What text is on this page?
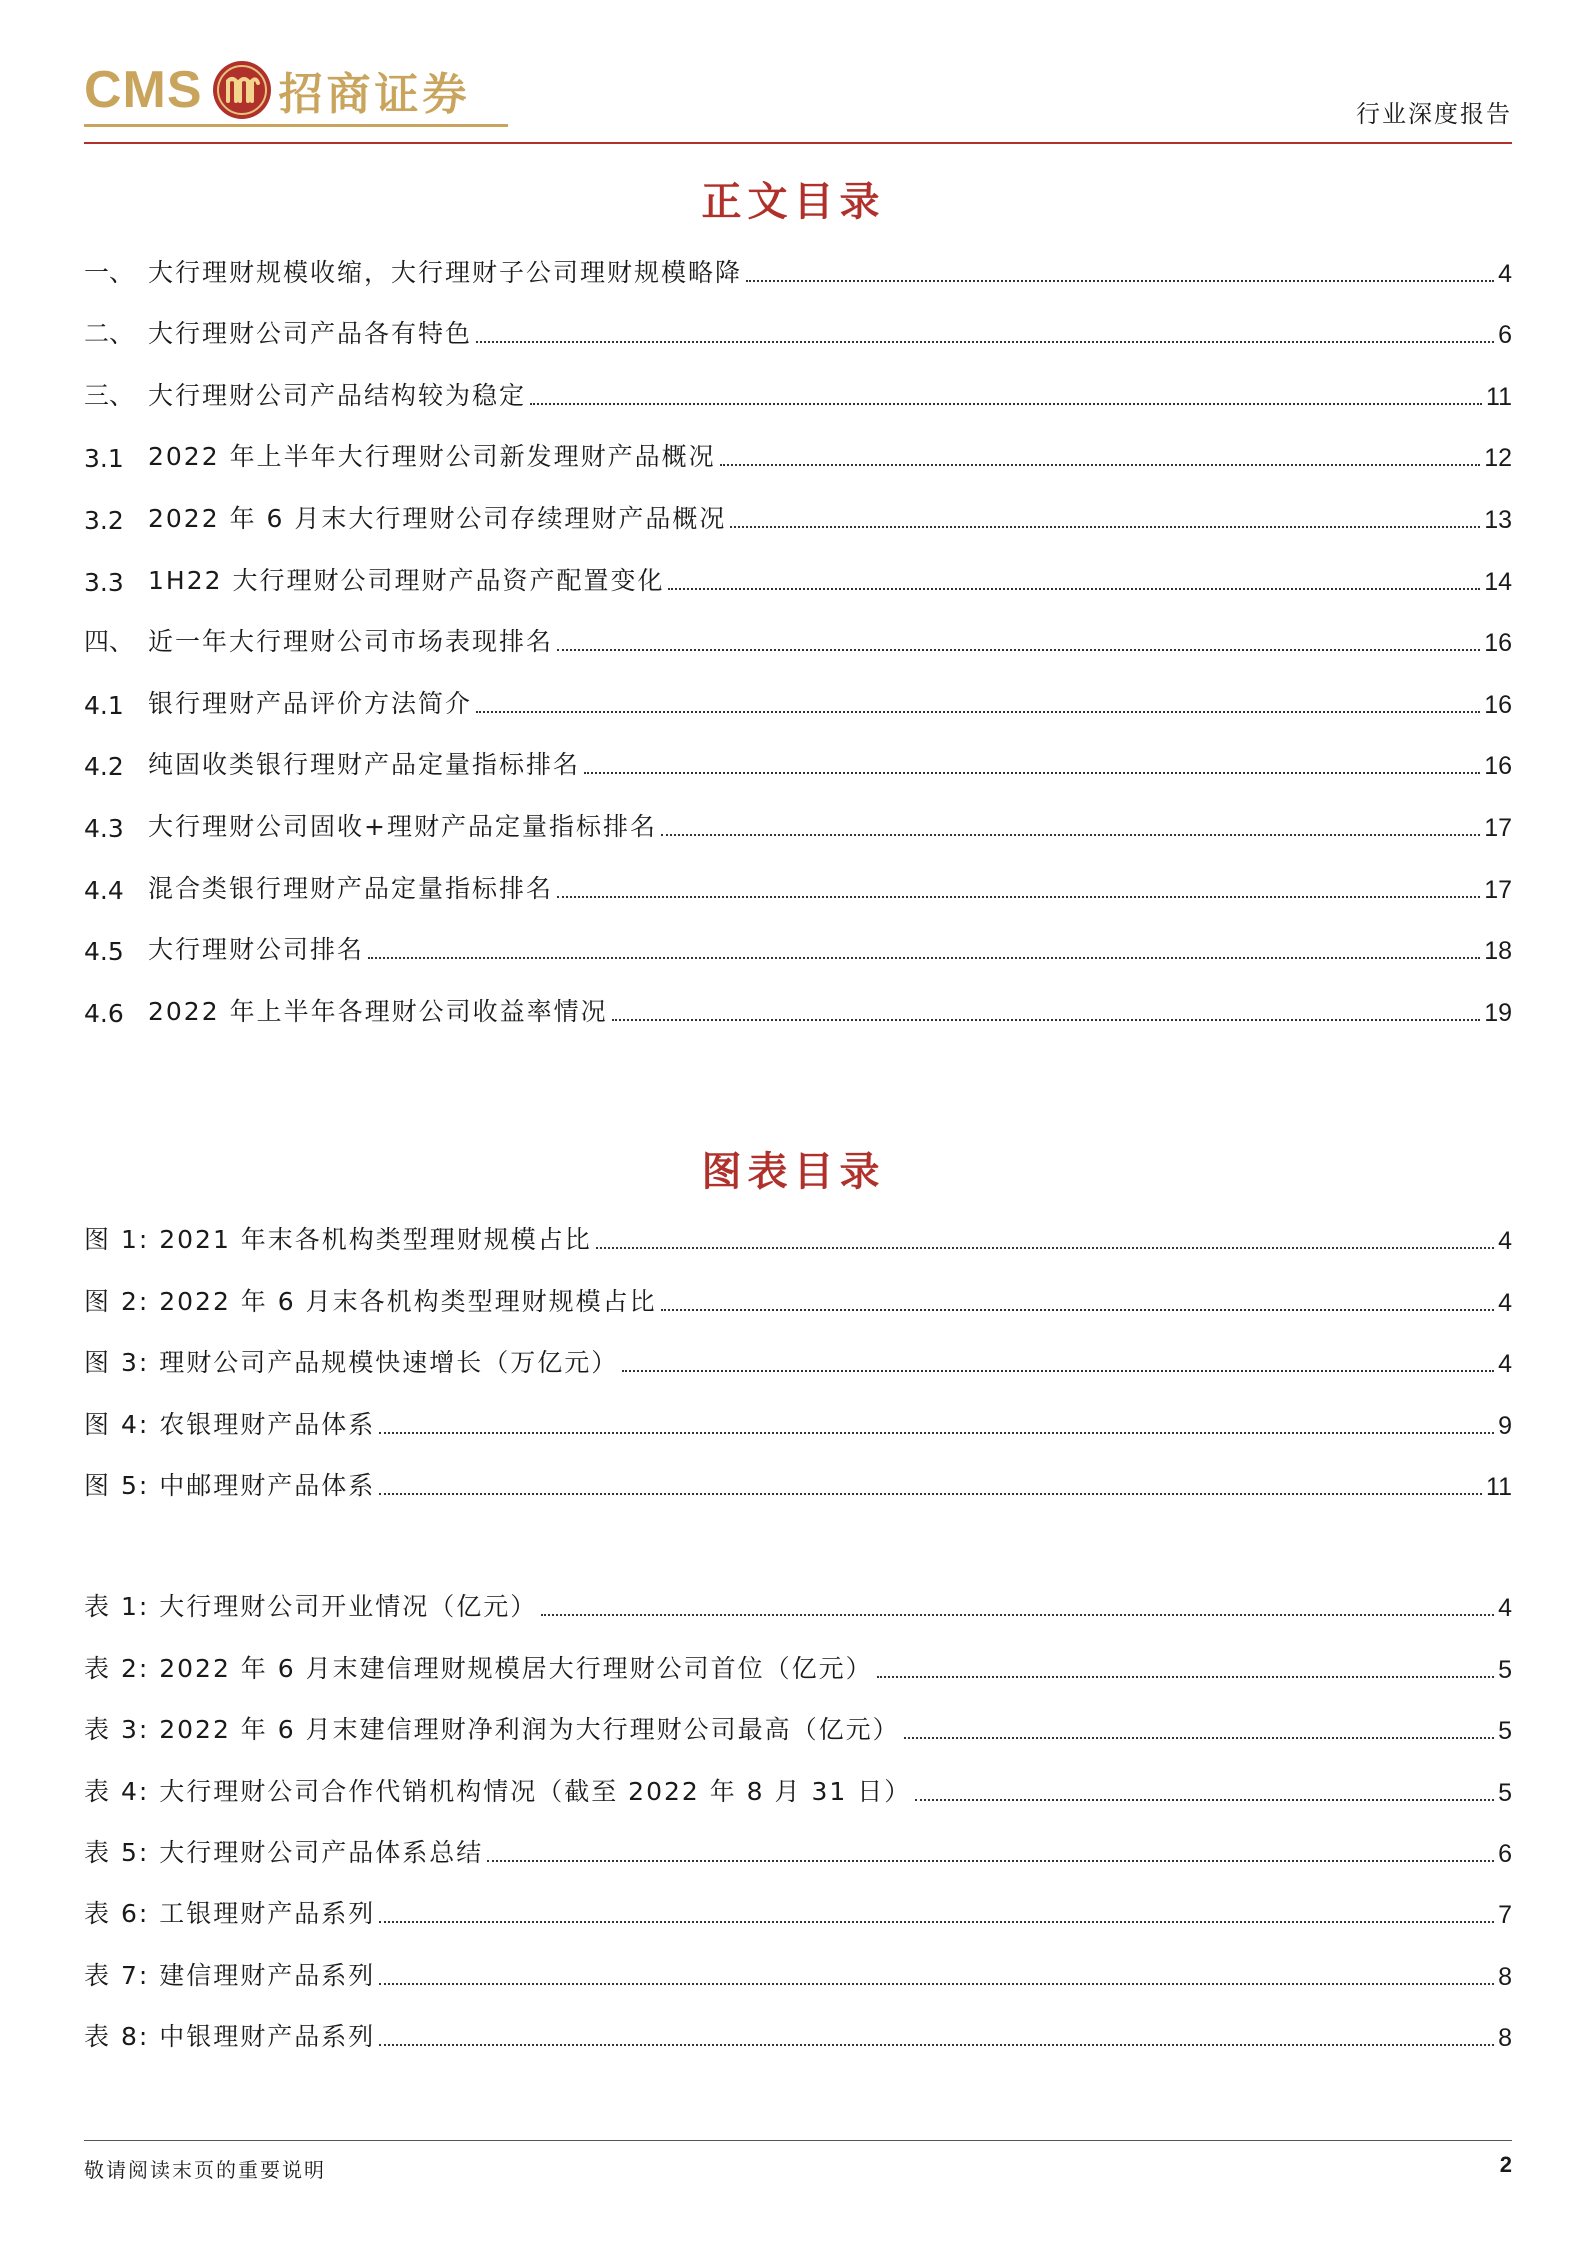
CMS 招商证券	行业深度报告
正文目录
一、 大行理财规模收缩，大行理财子公司理财规模略降	4
二、 大行理财公司产品各有特色	6
三、 大行理财公司产品结构较为稳定	11
3.1 2022 年上半年大行理财公司新发理财产品概况	12
3.2 2022 年 6 月末大行理财公司存续理财产品概况	13
3.3 1H22 大行理财公司理财产品资产配置变化	14
四、 近一年大行理财公司市场表现排名	16
4.1 银行理财产品评价方法简介	16
4.2 纯固收类银行理财产品定量指标排名	16
4.3 大行理财公司固收+理财产品定量指标排名	17
4.4 混合类银行理财产品定量指标排名	17
4.5 大行理财公司排名	18
4.6 2022 年上半年各理财公司收益率情况	19
图表目录
图 1: 2021 年末各机构类型理财规模占比	4
图 2: 2022 年 6 月末各机构类型理财规模占比	4
图 3: 理财公司产品规模快速增长（万亿元）	4
图 4: 农银理财产品体系	9
图 5: 中邮理财产品体系	11
表 1: 大行理财公司开业情况（亿元）	4
表 2: 2022 年 6 月末建信理财规模居大行理财公司首位（亿元）	5
表 3: 2022 年 6 月末建信理财净利润为大行理财公司最高（亿元）	5
表 4: 大行理财公司合作代销机构情况（截至 2022 年 8 月 31 日）	5
表 5: 大行理财公司产品体系总结	6
表 6: 工银理财产品系列	7
表 7: 建信理财产品系列	8
表 8: 中银理财产品系列	8
敬请阅读末页的重要说明	2
